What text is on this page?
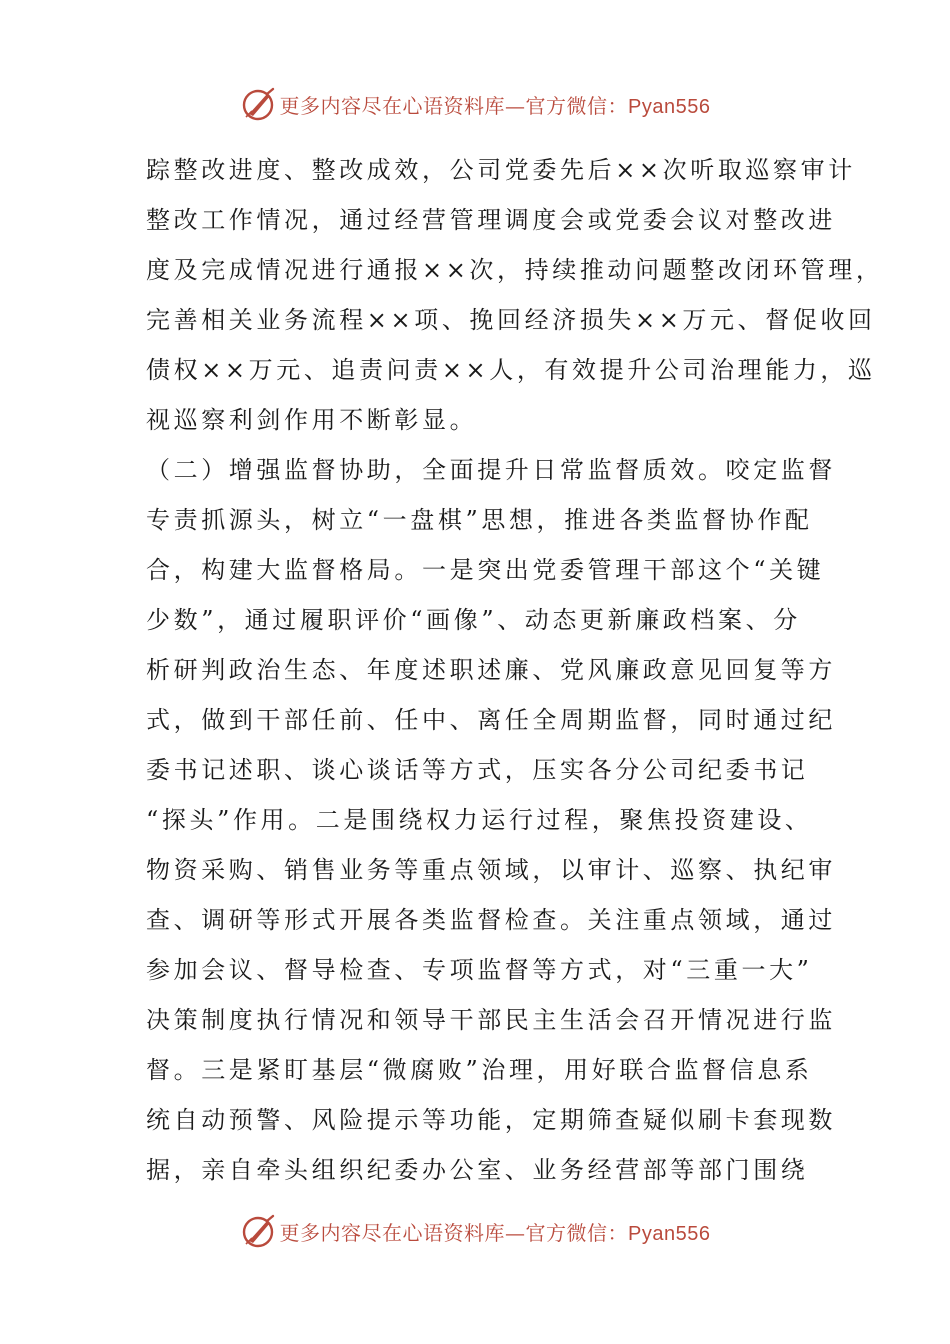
更多内容尽在心语资料库—官方微信：Pyan556
踪整改进度、整改成效，公司党委先后××次听取巡察审计
整改工作情况，通过经营管理调度会或党委会议对整改进
度及完成情况进行通报××次，持续推动问题整改闭环管理，
完善相关业务流程××项、挽回经济损失××万元、督促收回
债权××万元、追责问责××人，有效提升公司治理能力，巡
视巡察利剑作用不断彰显。
（二）增强监督协助，全面提升日常监督质效。咬定监督
专责抓源头，树立“一盘棋”思想，推进各类监督协作配
合，构建大监督格局。一是突出党委管理干部这个“关键
少数”，通过履职评价“画像”、动态更新廉政档案、分
析研判政治生态、年度述职述廉、党风廉政意见回复等方
式，做到干部任前、任中、离任全周期监督，同时通过纪
委书记述职、谈心谈话等方式，压实各分公司纪委书记
“探头”作用。二是围绕权力运行过程，聚焦投资建设、
物资采购、销售业务等重点领域，以审计、巡察、执纪审
查、调研等形式开展各类监督检查。关注重点领域，通过
参加会议、督导检查、专项监督等方式，对“三重一大”
决策制度执行情况和领导干部民主生活会召开情况进行监
督。三是紧盯基层“微腐败”治理，用好联合监督信息系
统自动预警、风险提示等功能，定期筛查疑似刷卡套现数
据，亲自牵头组织纪委办公室、业务经营部等部门围绕
更多内容尽在心语资料库—官方微信：Pyan556
